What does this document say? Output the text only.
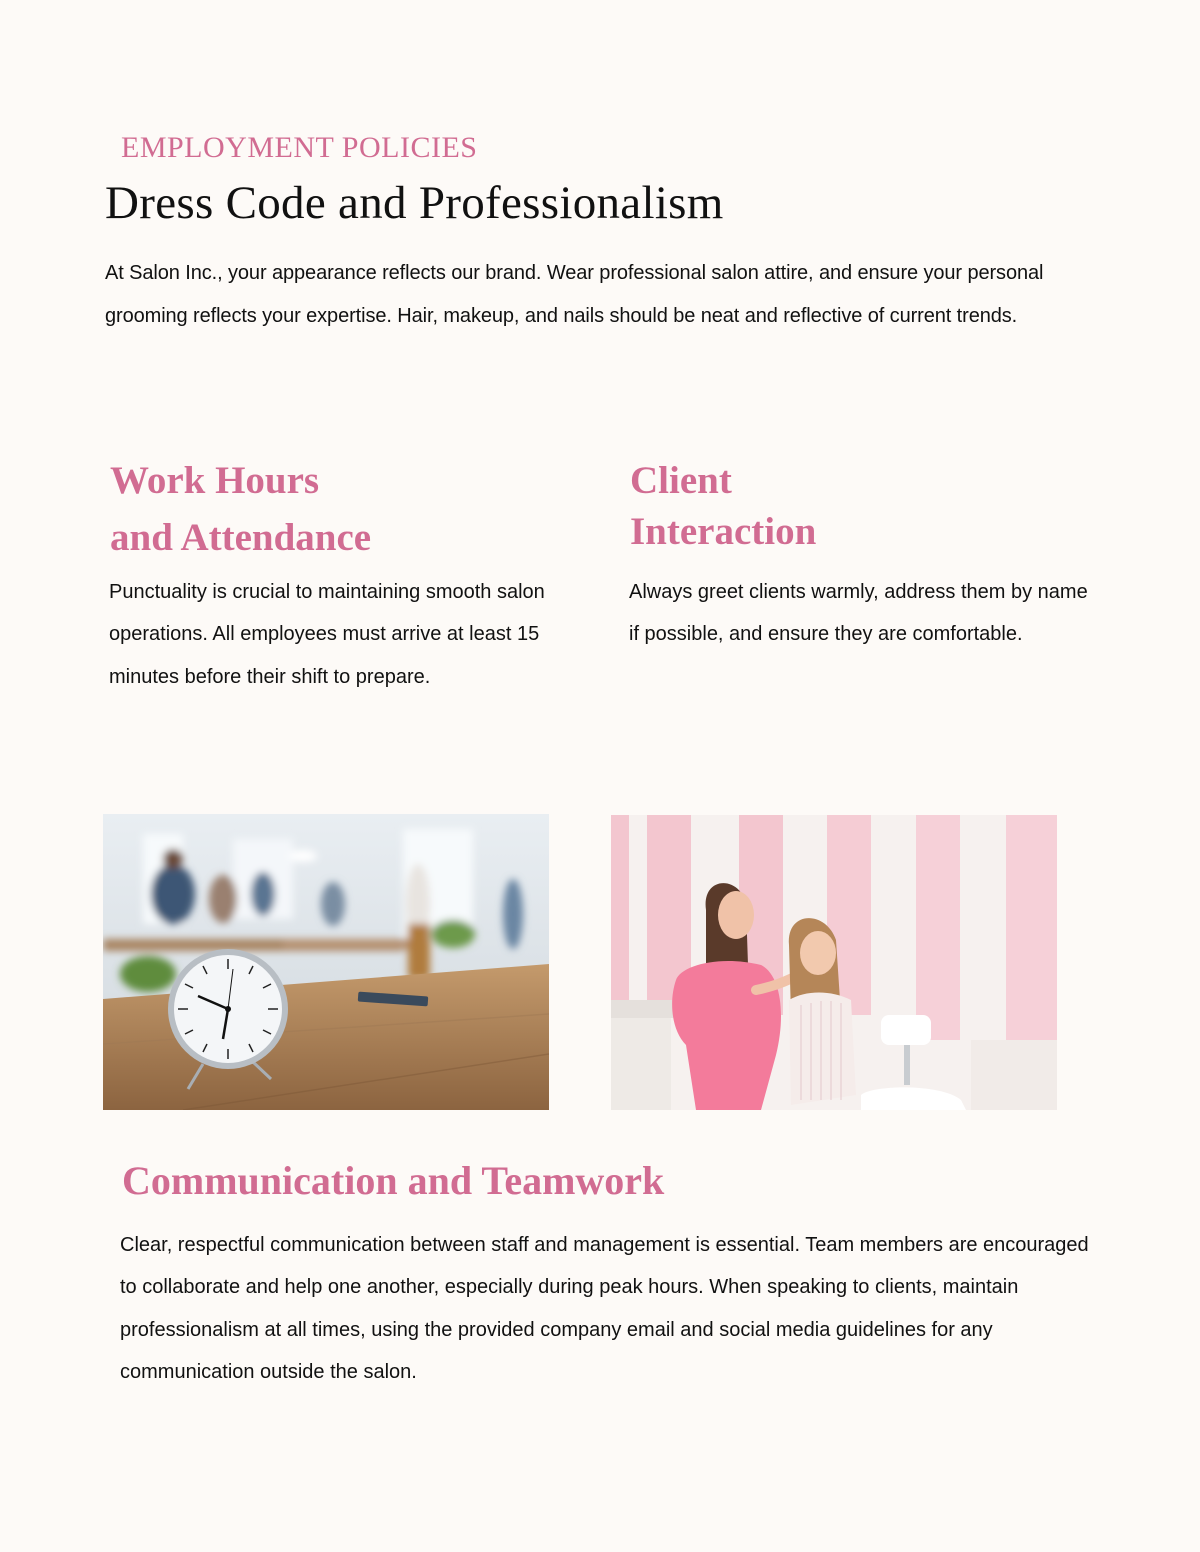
EMPLOYMENT POLICIES
Dress Code and Professionalism

At Salon Inc., your appearance reflects our brand. Wear professional salon attire, and ensure your personal grooming reflects your expertise. Hair, makeup, and nails should be neat and reflective of current trends.

Work Hours
and Attendance

Punctuality is crucial to maintaining smooth salon operations. All employees must arrive at least 15 minutes before their shift to prepare.

Client
Interaction

Always greet clients warmly, address them by name if possible, and ensure they are comfortable.

Communication and Teamwork

Clear, respectful communication between staff and management is essential. Team members are encouraged to collaborate and help one another, especially during peak hours. When speaking to clients, maintain professionalism at all times, using the provided company email and social media guidelines for any communication outside the salon.
